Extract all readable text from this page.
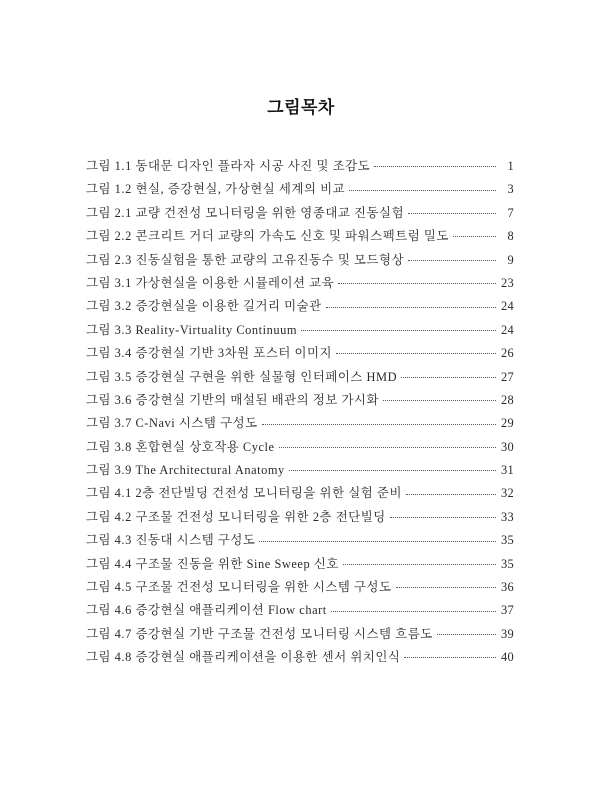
그림목차
그림 1.1 동대문 디자인 플라자 시공 사진 및 조감도	1
그림 1.2 현실, 증강현실, 가상현실 세계의 비교	3
그림 2.1 교량 건전성 모니터링을 위한 영종대교 진동실험	7
그림 2.2 콘크리트 거더 교량의 가속도 신호 및 파워스펙트럼 밀도	8
그림 2.3 진동실험을 통한 교량의 고유진동수 및 모드형상	9
그림 3.1 가상현실을 이용한 시뮬레이션 교육	23
그림 3.2 증강현실을 이용한 길거리 미술관	24
그림 3.3 Reality-Virtuality Continuum	24
그림 3.4 증강현실 기반 3차원 포스터 이미지	26
그림 3.5 증강현실 구현을 위한 실물형 인터페이스 HMD	27
그림 3.6 증강현실 기반의 매설된 배관의 정보 가시화	28
그림 3.7 C-Navi 시스템 구성도	29
그림 3.8 혼합현실 상호작용 Cycle	30
그림 3.9 The Architectural Anatomy	31
그림 4.1 2층 전단빌딩 건전성 모니터링을 위한 실험 준비	32
그림 4.2 구조물 건전성 모니터링을 위한 2층 전단빌딩	33
그림 4.3 진동대 시스템 구성도	35
그림 4.4 구조물 진동을 위한 Sine Sweep 신호	35
그림 4.5 구조물 건전성 모니터링을 위한 시스템 구성도	36
그림 4.6 증강현실 애플리케이션 Flow chart	37
그림 4.7 증강현실 기반 구조물 건전성 모니터링 시스템 흐름도	39
그림 4.8 증강현실 애플리케이션을 이용한 센서 위치인식	40
